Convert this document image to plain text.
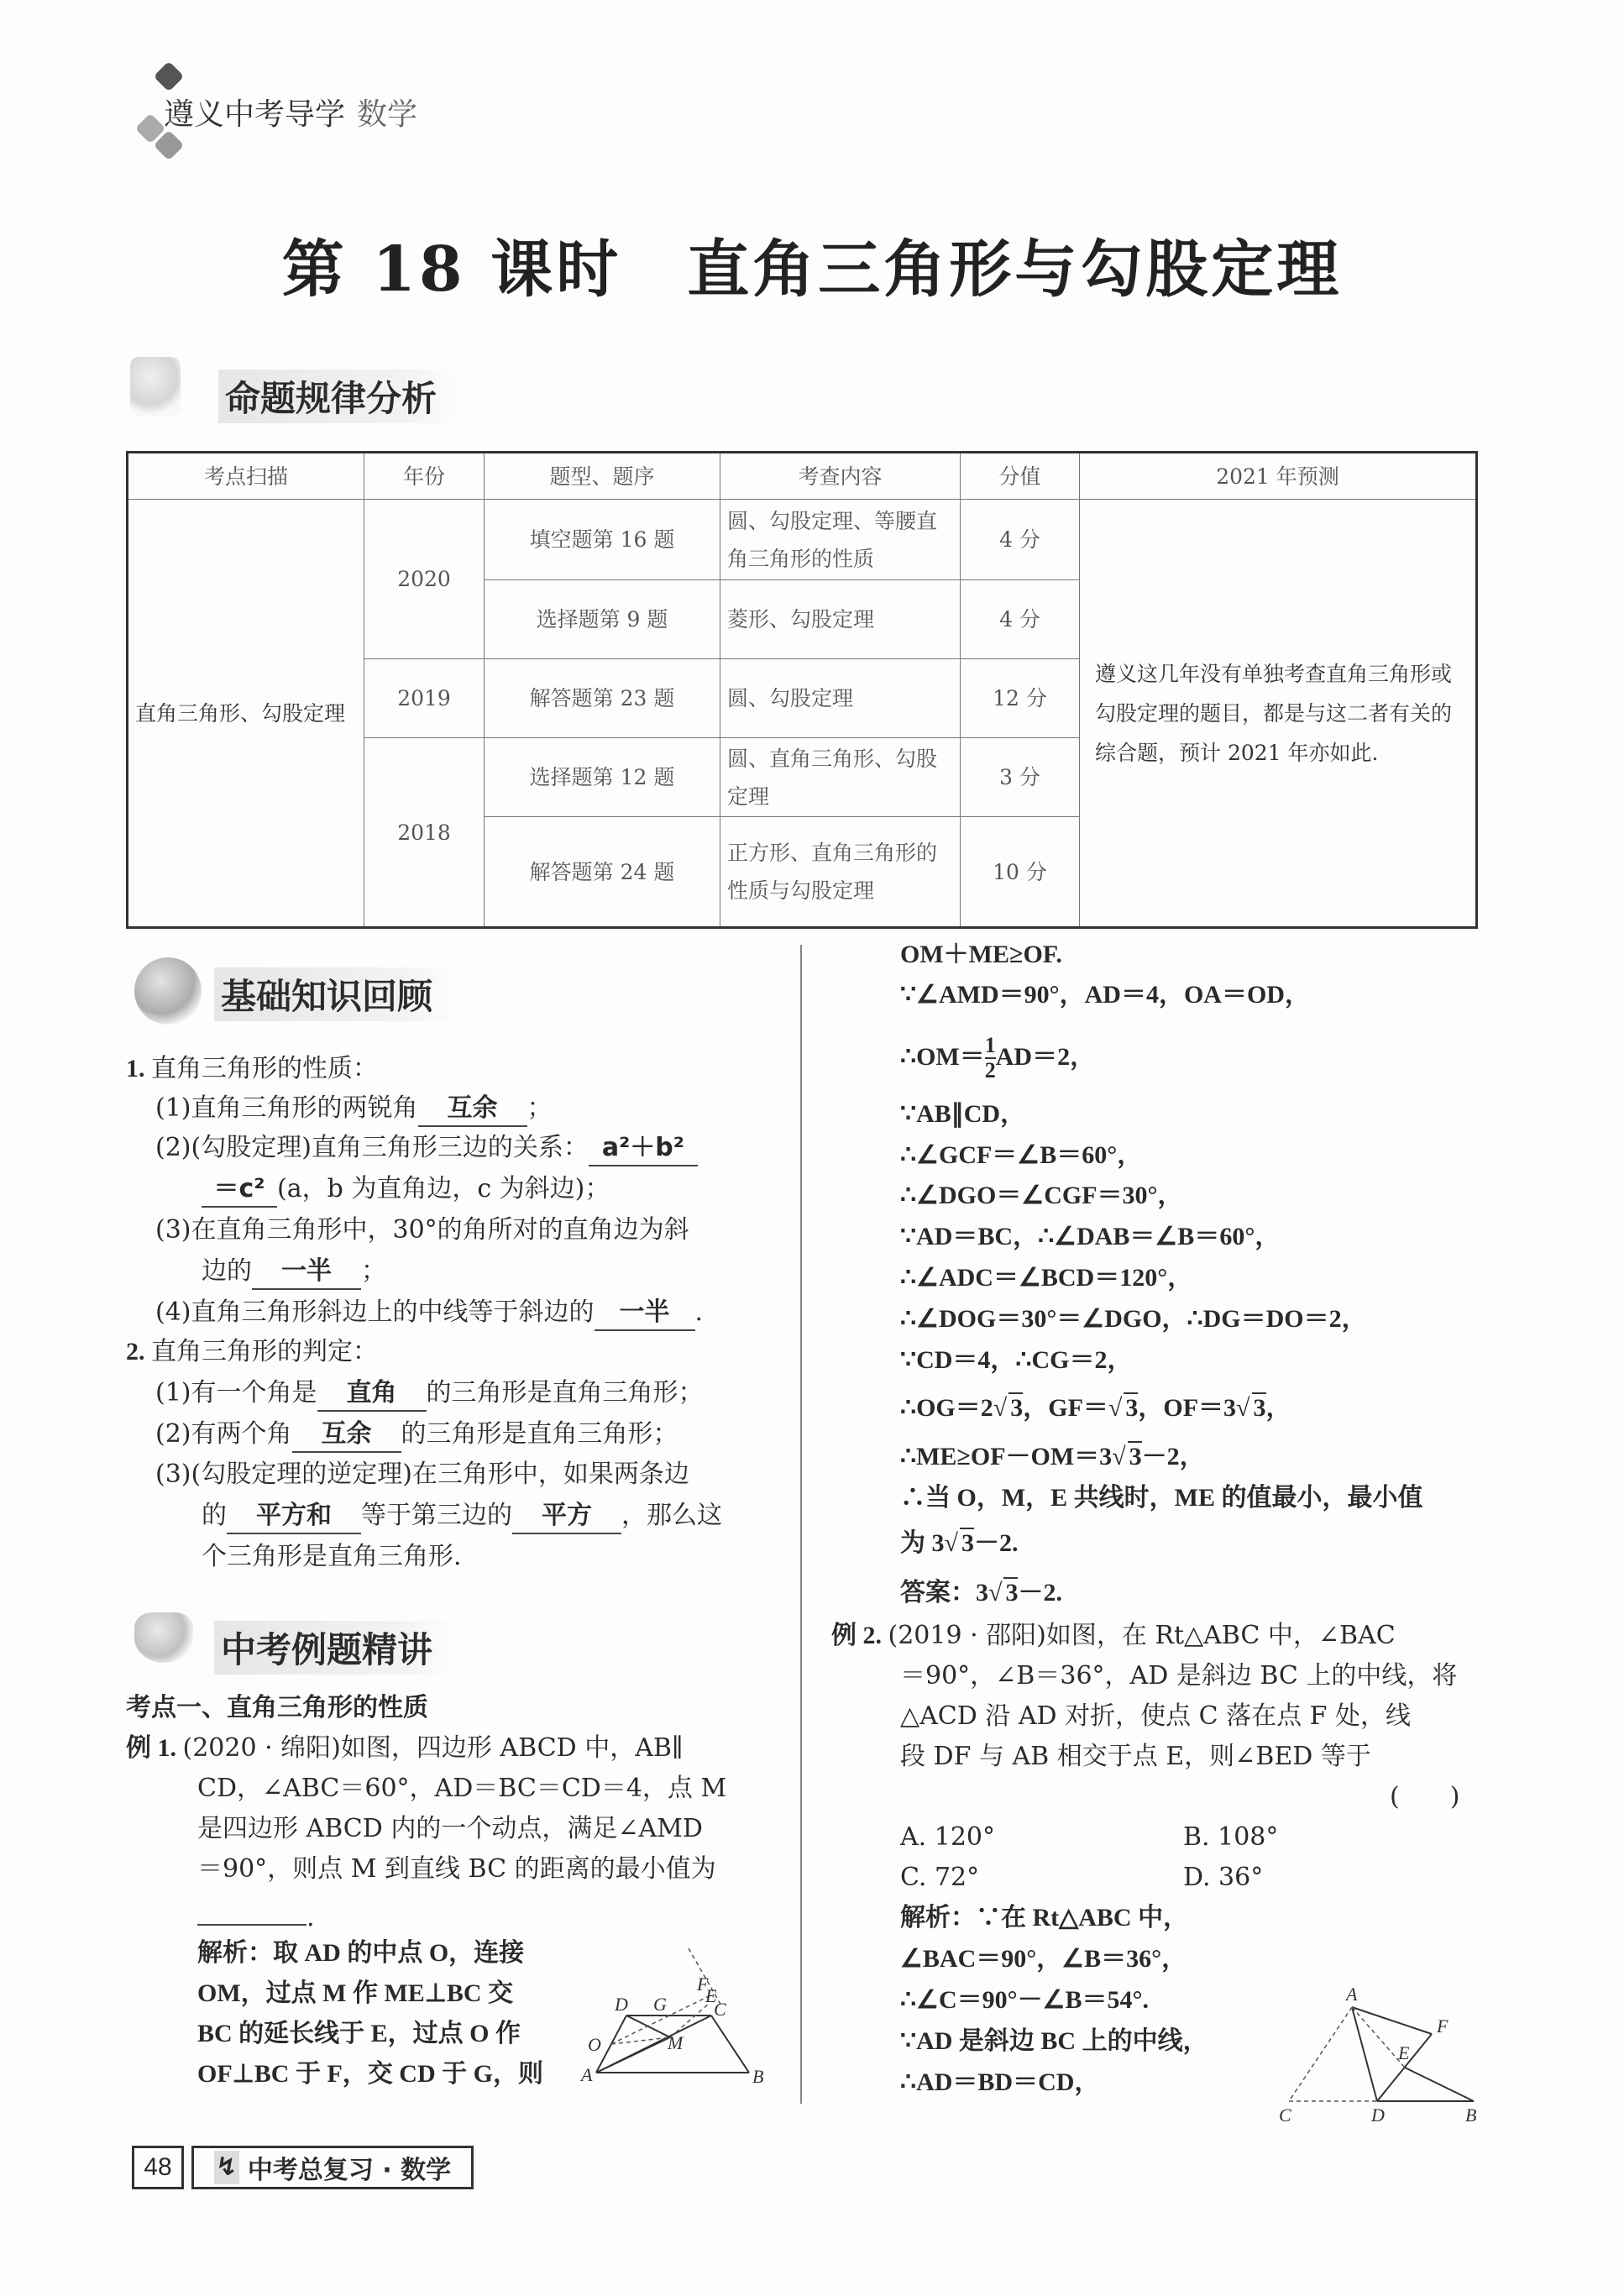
遵义中考导学 数学
第 18 课时　直角三角形与勾股定理
命题规律分析
考点扫描	年份	题型、题序	考查内容	分值	2021 年预测
直角三角形、勾股定理	2020	填空题第 16 题	圆、勾股定理、等腰直角三角形的性质	4 分	遵义这几年没有单独考查直角三角形或勾股定理的题目，都是与这二者有关的综合题，预计 2021 年亦如此.
		选择题第 9 题	菱形、勾股定理	4 分	
	2019	解答题第 23 题	圆、勾股定理	12 分	
	2018	选择题第 12 题	圆、直角三角形、勾股定理	3 分	
		解答题第 24 题	正方形、直角三角形的性质与勾股定理	10 分	
基础知识回顾
中考例题精讲
1. 直角三角形的性质：
(1)直角三角形的两锐角 互余 ；
(2)(勾股定理)直角三角形三边的关系： a²＋b²
＝c² (a，b 为直角边，c 为斜边)；
(3)在直角三角形中，30°的角所对的直角边为斜
边的 一半 ；
(4)直角三角形斜边上的中线等于斜边的 一半 .
2. 直角三角形的判定：
(1)有一个角是 直角 的三角形是直角三角形；
(2)有两个角 互余 的三角形是直角三角形；
(3)(勾股定理的逆定理)在三角形中，如果两条边
的 平方和 等于第三边的 平方 ，那么这
个三角形是直角三角形.
考点一、直角三角形的性质
例 1. (2020 · 绵阳)如图，四边形 ABCD 中，AB∥
CD，∠ABC＝60°，AD＝BC＝CD＝4，点 M
是四边形 ABCD 内的一个动点，满足∠AMD
＝90°，则点 M 到直线 BC 的距离的最小值为
.
解析：取 AD 的中点 O，连接
OM，过点 M 作 ME⊥BC 交
BC 的延长线于 E，过点 O 作
OF⊥BC 于 F，交 CD 于 G，则
OM＋ME≥OF.
∵∠AMD＝90°，AD＝4，OA＝OD，
∴OM＝ $\frac{1}{2} AD=2$，
∵AB∥CD，
∴∠GCF＝∠B＝60°，
∴∠DGO＝∠CGF＝30°，
∵AD＝BC，∴∠DAB＝∠B＝60°，
∴∠ADC＝∠BCD＝120°，
∴∠DOG＝30°＝∠DGO，∴DG＝DO＝2，
∵CD＝4，∴CG＝2，
∴OG＝2√ 3，GF＝√ 3，OF＝3√ 3，
∴ME≥OF－OM＝3√ 3－2，
∴当 O，M，E 共线时，ME 的值最小，最小值
为 3√ 3－2.
答案：3√ 3－2.
例 2. (2019 · 邵阳)如图，在 Rt△ABC 中，∠BAC
＝90°，∠B＝36°，AD 是斜边 BC 上的中线，将
△ACD 沿 AD 对折，使点 C 落在点 F 处，线
段 DF 与 AB 相交于点 E，则∠BED 等于
(　　)
A. 120°	B. 108°
C. 72°	D. 36°
解析：∵在 Rt△ABC 中，
∠BAC＝90°，∠B＝36°，
∴∠C＝90°－∠B＝54°.
∵AD 是斜边 BC 上的中线，
∴AD＝BD＝CD，
A	B
C
D	E
F
G
M
O
A
B
C	D
E
F
48	↯ 中考总复习 · 数学
